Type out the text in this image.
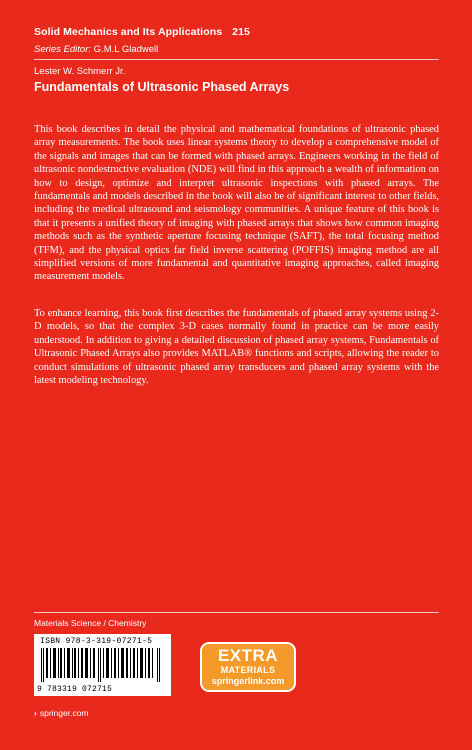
Solid Mechanics and Its Applications 215
Series Editor: G.M.L Gladwell
Lester W. Schmerr Jr.
Fundamentals of Ultrasonic Phased Arrays

This book describes in detail the physical and mathematical foundations of ultrasonic phased array measurements. The book uses linear systems theory to develop a comprehensive model of the signals and images that can be formed with phased arrays. Engineers working in the field of ultrasonic nondestructive evaluation (NDE) will find in this approach a wealth of information on how to design, optimize and interpret ultrasonic inspections with phased arrays. The fundamentals and models described in the book will also be of significant interest to other fields, including the medical ultrasound and seismology communities. A unique feature of this book is that it presents a unified theory of imaging with phased arrays that shows how common imaging methods such as the synthetic aperture focusing technique (SAFT), the total focusing method (TFM), and the physical optics far field inverse scattering (POFFIS) imaging method are all simplified versions of more fundamental and quantitative imaging approaches, called imaging measurement models.

To enhance learning, this book first describes the fundamentals of phased array systems using 2-D models, so that the complex 3-D cases normally found in practice can be more easily understood. In addition to giving a detailed discussion of phased array systems, Fundamentals of Ultrasonic Phased Arrays also provides MATLAB® functions and scripts, allowing the reader to conduct simulations of ultrasonic phased array transducers and phased array systems with the latest modeling technology.

Materials Science / Chemistry
ISBN 978-3-319-07271-5
9 783319 072715
EXTRA
MATERIALS
springerlink.com
› springer.com
